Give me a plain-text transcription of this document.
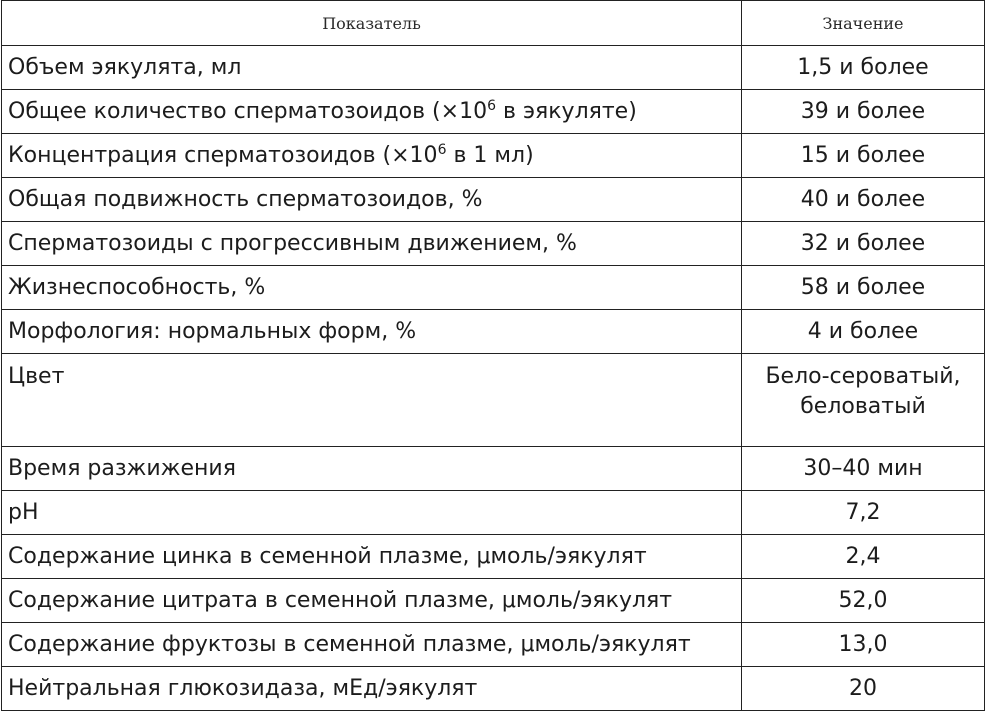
Показатель	Значение
Объем эякулята, мл	1,5 и более
Общее количество сперматозоидов ($\times 10^6$ в эякуляте)	39 и более
Концентрация сперматозоидов ($\times 10^6$ в 1 мл)	15 и более
Общая подвижность сперматозоидов, %	40 и более
Сперматозоиды с прогрессивным движением, %	32 и более
Жизнеспособность, %	58 и более
Морфология: нормальных форм, %	4 и более
Цвет	Бело-сероватый,
беловатый

Время разжижения	30–40 мин
pH	7,2
Содержание цинка в семенной плазме, μмоль/эякулят	2,4
Содержание цитрата в семенной плазме, μмоль/эякулят	52,0
Содержание фруктозы в семенной плазме, μмоль/эякулят	13,0
Нейтральная глюкозидаза, мЕд/эякулят	20
